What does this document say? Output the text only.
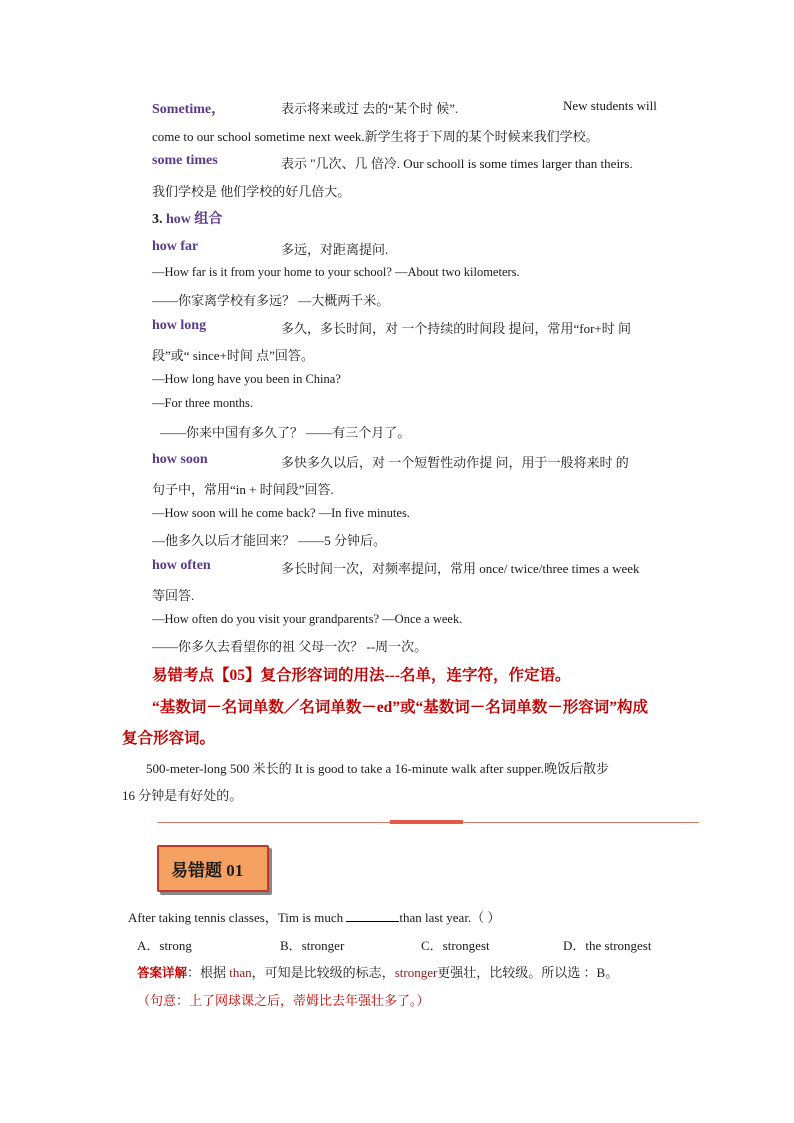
Sometime，	表示将来或过 去的“某个时 候”.	New students will
come to our school sometime next week.新学生将于下周的某个时候来我们学校。
some times	表示 "几次、几 倍冷. Our schooll is some times larger than theirs.
我们学校是 他们学校的好几倍大。
3. how 组合
how far	多远，对距离提问.
—How far is it from your home to your school? —About two kilometers.
——你家离学校有多远？ —大概两千米。
how long	多久，多长时间，对 一个持续的时间段 提问，常用“for+时 间
段”或“ since+时间 点”回答。
—How long have you been in China?
—For three months.
——你来中国有多久了？ ——有三个月了。
how soon	多快多久以后，对 一个短暂性动作提 问，用于一般将来时 的
句子中，常用“in + 时间段”回答.
—How soon will he come back? —In five minutes.
—他多久以后才能回来？ ——5 分钟后。
how often	多长时间一次，对频率提问，常用 once/ twice/three times a week
等回答.
—How often do you visit your grandparents? —Once a week.
——你多久去看望你的祖 父母一次？ --周一次。
易错考点【05】复合形容词的用法---名单，连字符，作定语。
“基数词－名词单数／名词单数－ed”或“基数词－名词单数－形容词”构成
复合形容词。
500-meter-long 500 米长的 It is good to take a 16-minute walk after supper.晚饭后散步
16 分钟是有好处的。
易错题 01
After taking tennis classes，Tim is much	than last year.（ ）
A．strong	B．stronger	C．strongest	D．the strongest
答案详解：根据 than，可知是比较级的标志，stronger更强壮，比较级。所以选 ：B。
（句意：上了网球课之后，蒂姆比去年强壮多了。）
